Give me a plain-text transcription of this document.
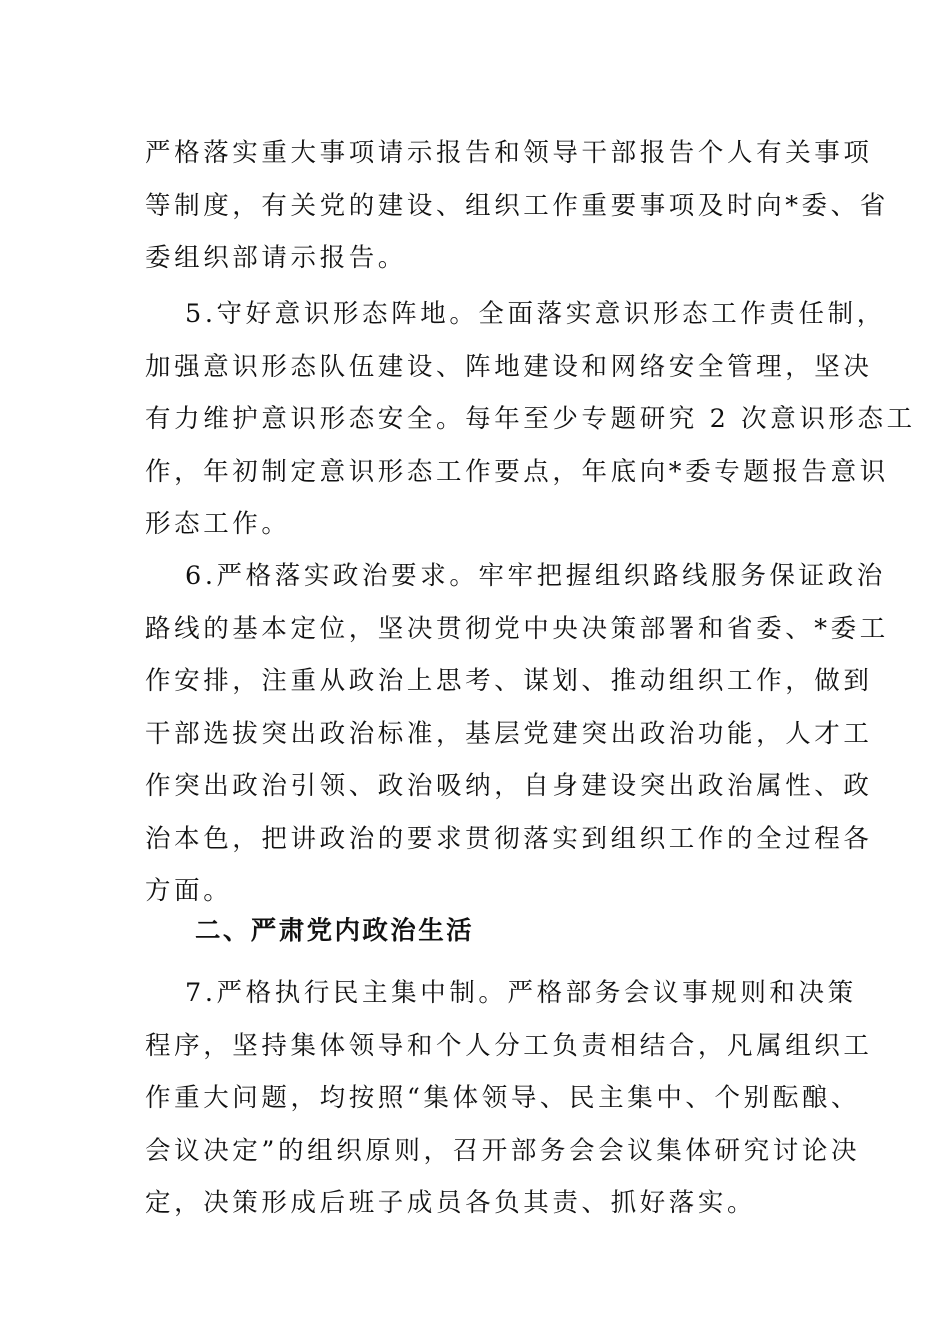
严格落实重大事项请示报告和领导干部报告个人有关事项
等制度，有关党的建设、组织工作重要事项及时向*委、省
委组织部请示报告。
5.守好意识形态阵地。全面落实意识形态工作责任制，
加强意识形态队伍建设、阵地建设和网络安全管理，坚决
有力维护意识形态安全。每年至少专题研究 2 次意识形态工
作，年初制定意识形态工作要点，年底向*委专题报告意识
形态工作。
6.严格落实政治要求。牢牢把握组织路线服务保证政治
路线的基本定位，坚决贯彻党中央决策部署和省委、*委工
作安排，注重从政治上思考、谋划、推动组织工作，做到
干部选拔突出政治标准，基层党建突出政治功能，人才工
作突出政治引领、政治吸纳，自身建设突出政治属性、政
治本色，把讲政治的要求贯彻落实到组织工作的全过程各
方面。
二、严肃党内政治生活
7.严格执行民主集中制。严格部务会议事规则和决策
程序，坚持集体领导和个人分工负责相结合，凡属组织工
作重大问题，均按照“集体领导、民主集中、个别酝酿、
会议决定”的组织原则，召开部务会会议集体研究讨论决
定，决策形成后班子成员各负其责、抓好落实。
